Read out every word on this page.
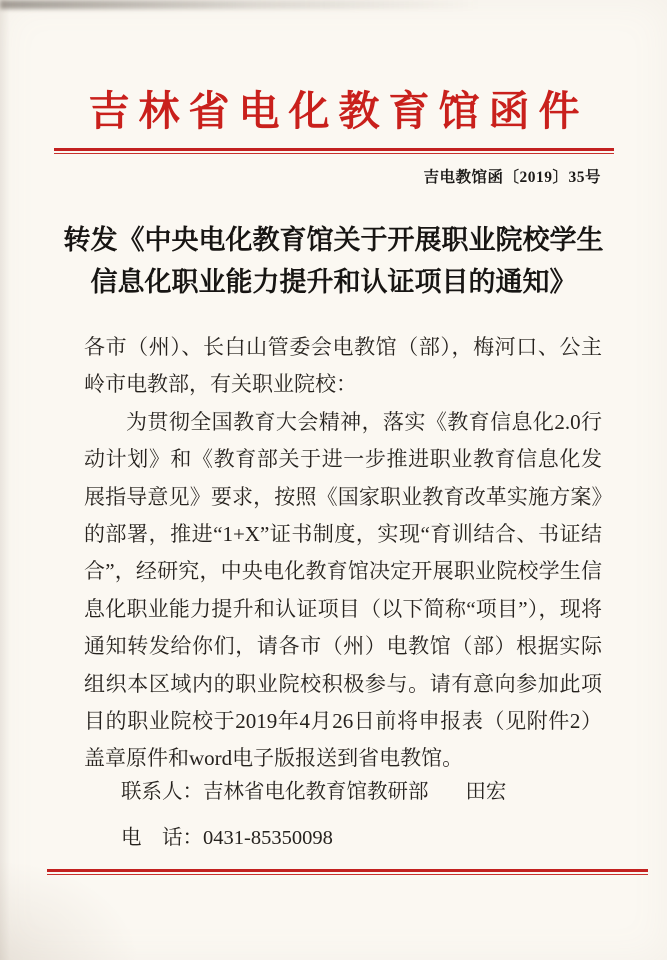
吉林省电化教育馆函件

吉电教馆函〔2019〕35号

转发《中央电化教育馆关于开展职业院校学生
信息化职业能力提升和认证项目的通知》

各市（州）、长白山管委会电教馆（部），梅河口、公主岭市电教部，有关职业院校：

为贯彻全国教育大会精神，落实《教育信息化2.0行动计划》和《教育部关于进一步推进职业教育信息化发展指导意见》要求，按照《国家职业教育改革实施方案》的部署，推进“1+X”证书制度，实现“育训结合、书证结合”，经研究，中央电化教育馆决定开展职业院校学生信息化职业能力提升和认证项目（以下简称“项目”），现将通知转发给你们，请各市（州）电教馆（部）根据实际组织本区域内的职业院校积极参与。请有意向参加此项目的职业院校于2019年4月26日前将申报表（见附件2）盖章原件和word电子版报送到省电教馆。

联系人：吉林省电化教育馆教研部 田宏
电　话：0431-85350098
